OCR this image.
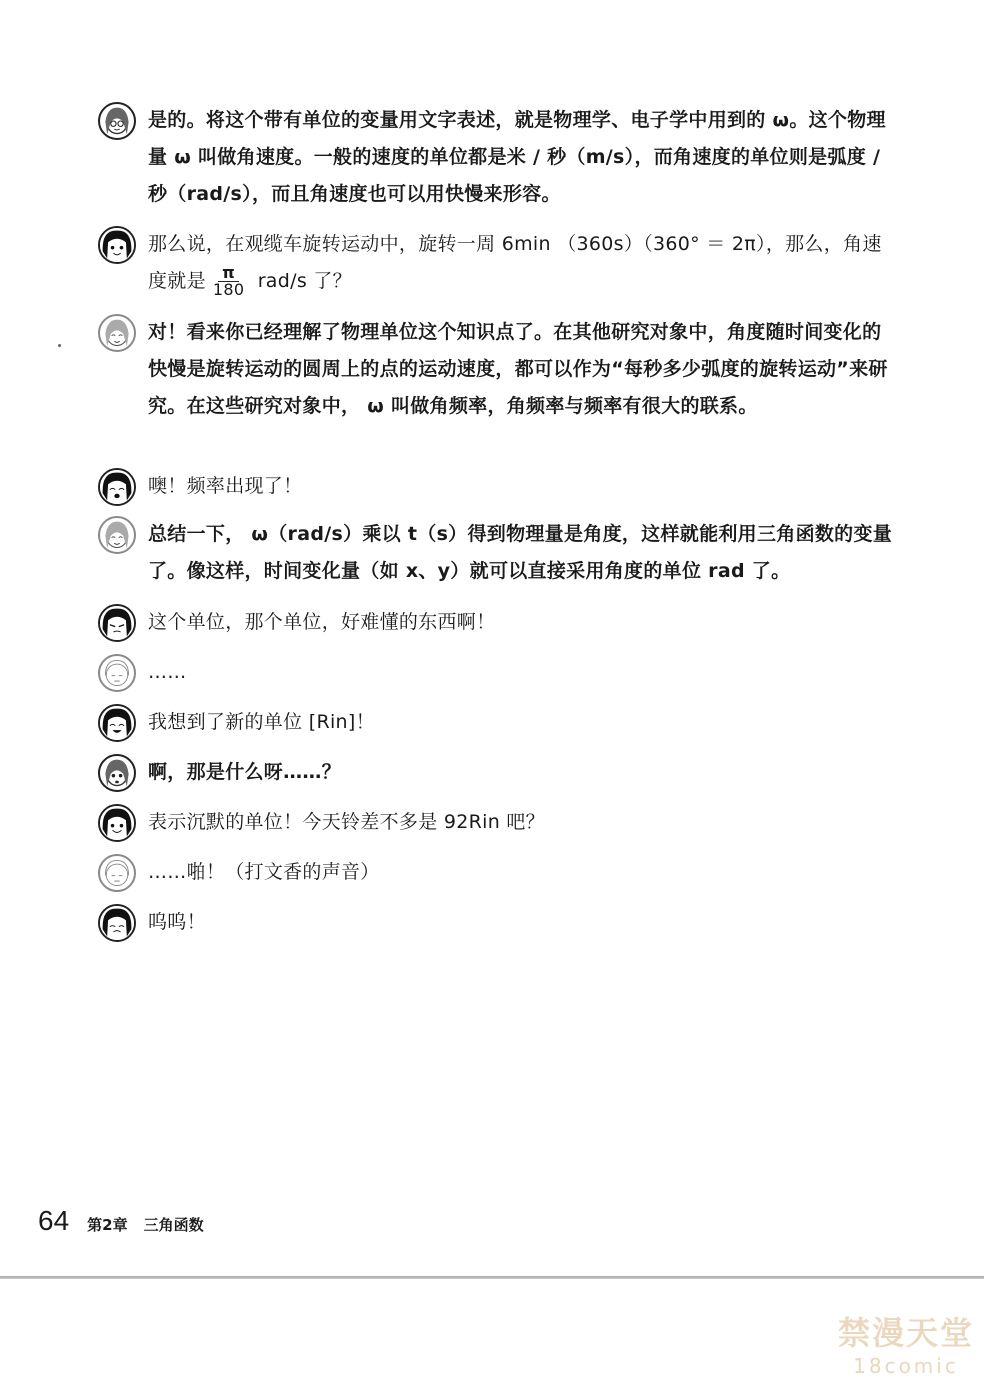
是的。将这个带有单位的变量用文字表述，就是物理学、电子学中用到的 ω。这个物理量 ω 叫做角速度。一般的速度的单位都是米 / 秒（m/s），而角速度的单位则是弧度 / 秒（rad/s），而且角速度也可以用快慢来形容。
那么说，在观缆车旋转运动中，旋转一周 6min （360s）（360° ＝ 2π），那么，角速度就是 $\frac{\pi}{180} rad/s$ 了？
对！看来你已经理解了物理单位这个知识点了。在其他研究对象中，角度随时间变化的快慢是旋转运动的圆周上的点的运动速度，都可以作为“每秒多少弧度的旋转运动”来研究。在这些研究对象中， ω 叫做角频率，角频率与频率有很大的联系。
噢！频率出现了！
总结一下， ω（rad/s）乘以 t（s）得到物理量是角度，这样就能利用三角函数的变量了。像这样，时间变化量（如 x、y）就可以直接采用角度的单位 rad 了。
这个单位，那个单位，好难懂的东西啊！
……
我想到了新的单位 [Rin]！
啊，那是什么呀……？
表示沉默的单位！今天铃差不多是 92Rin 吧？
……啪！（打文香的声音）
呜呜！
64 第2章 三角函数
禁漫天堂
18comic
